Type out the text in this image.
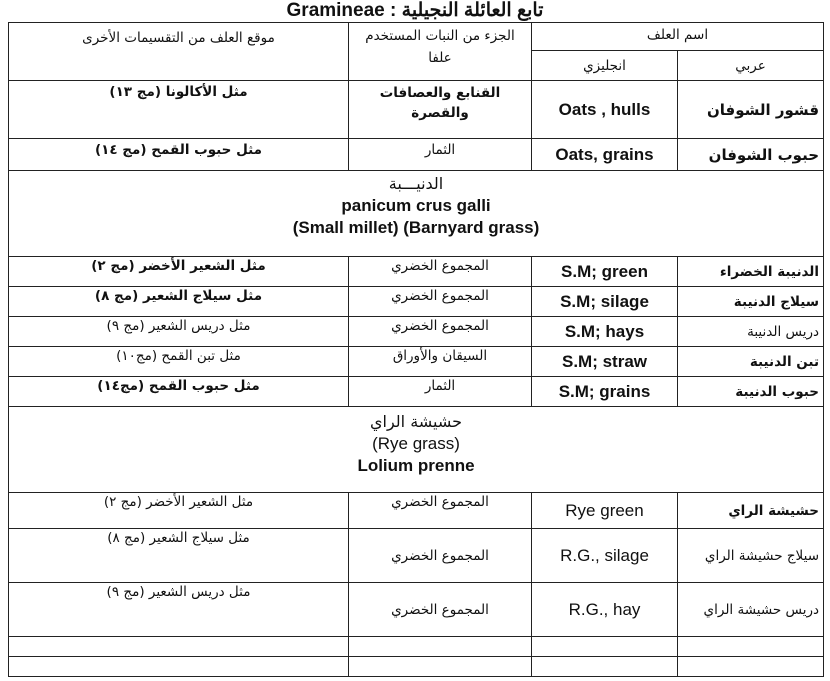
تابع العائلة النجيلية : Gramineae
موقع العلف من التقسيمات الأخرى	الجزء من النبات المستخدم علفا	اسم العلف	

		انجليزي	عربي

مثل الأكالونا (مج ١٣)	القنابع والعصافات والقصرة	Oats , hulls	قشور الشوفان

مثل حبوب القمح (مج ١٤)	الثمار	Oats, grains	حبوب الشوفان

الدنيـــبة
panicum crus galli
(Small millet) (Barnyard grass)			

مثل الشعير الأخضر (مج ٢)	المجموع الخضري	S.M; green	الدنيبة الخضراء

مثل سيلاج الشعير (مج ٨)	المجموع الخضري	S.M; silage	سيلاج الدنيبة

مثل دريس الشعير (مج ٩)	المجموع الخضري	S.M; hays	دريس الدنيبة

مثل تبن القمح (مج١٠)	السيقان والأوراق	S.M; straw	تبن الدنيبة

مثل حبوب القمح (مج١٤)	الثمار	S.M; grains	حبوب الدنيبة

حشيشة الراي
(Rye grass)
Lolium prenne			

مثل الشعير الأخضر (مج ٢)	المجموع الخضري	Rye green	حشيشة الراي

مثل سيلاج الشعير (مج ٨)	المجموع الخضري	R.G., silage	سيلاج حشيشة الراي

مثل دريس الشعير (مج ٩)	المجموع الخضري	R.G., hay	دريس حشيشة الراي
